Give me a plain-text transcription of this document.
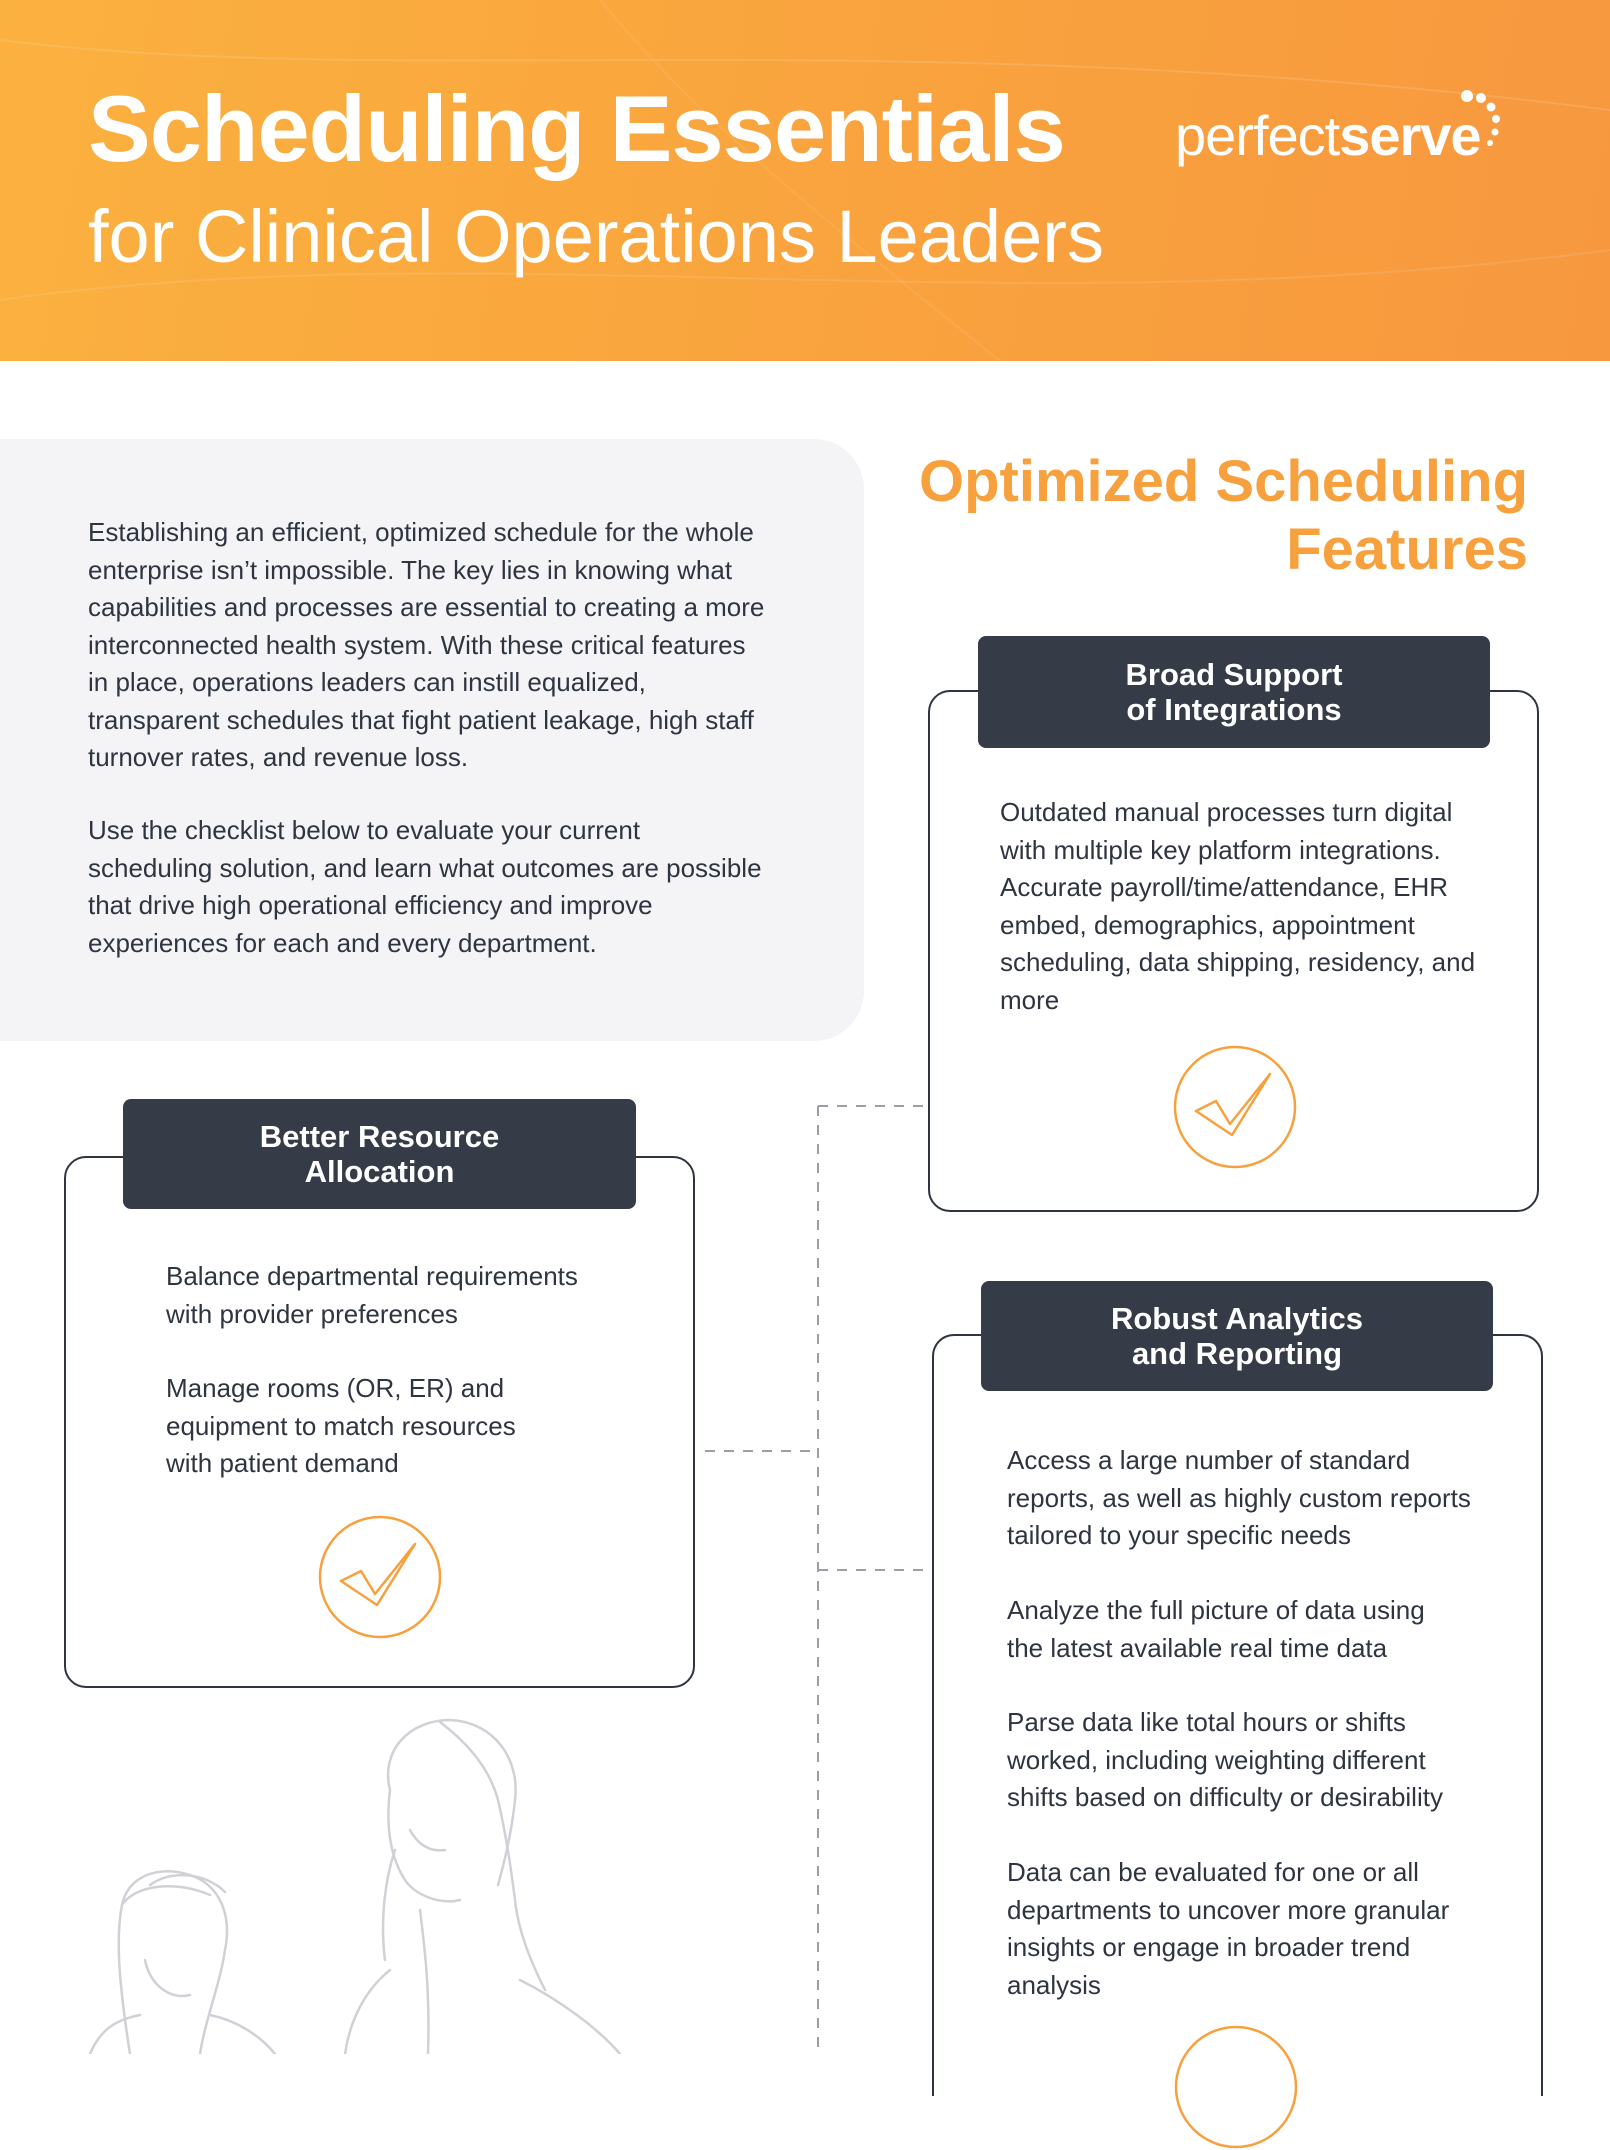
Scheduling Essentials
for Clinical Operations Leaders
perfectserve

Establishing an efficient, optimized schedule for the whole enterprise isn’t impossible. The key lies in knowing what capabilities and processes are essential to creating a more interconnected health system. With these critical features in place, operations leaders can instill equalized, transparent schedules that fight patient leakage, high staff turnover rates, and revenue loss.

Use the checklist below to evaluate your current scheduling solution, and learn what outcomes are possible that drive high operational efficiency and improve experiences for each and every department.

Optimized Scheduling Features

Outdated manual processes turn digital with multiple key platform integrations. Accurate payroll/time/attendance, EHR embed, demographics, appointment scheduling, data shipping, residency, and more

Broad Support
of Integrations

Balance departmental requirements with provider preferences

Manage rooms (OR, ER) and equipment to match resources with patient demand

Better Resource
Allocation

Access a large number of standard reports, as well as highly custom reports tailored to your specific needs

Analyze the full picture of data using the latest available real time data

Parse data like total hours or shifts worked, including weighting different shifts based on difficulty or desirability

Data can be evaluated for one or all departments to uncover more granular insights or engage in broader trend analysis

Robust Analytics
and Reporting
